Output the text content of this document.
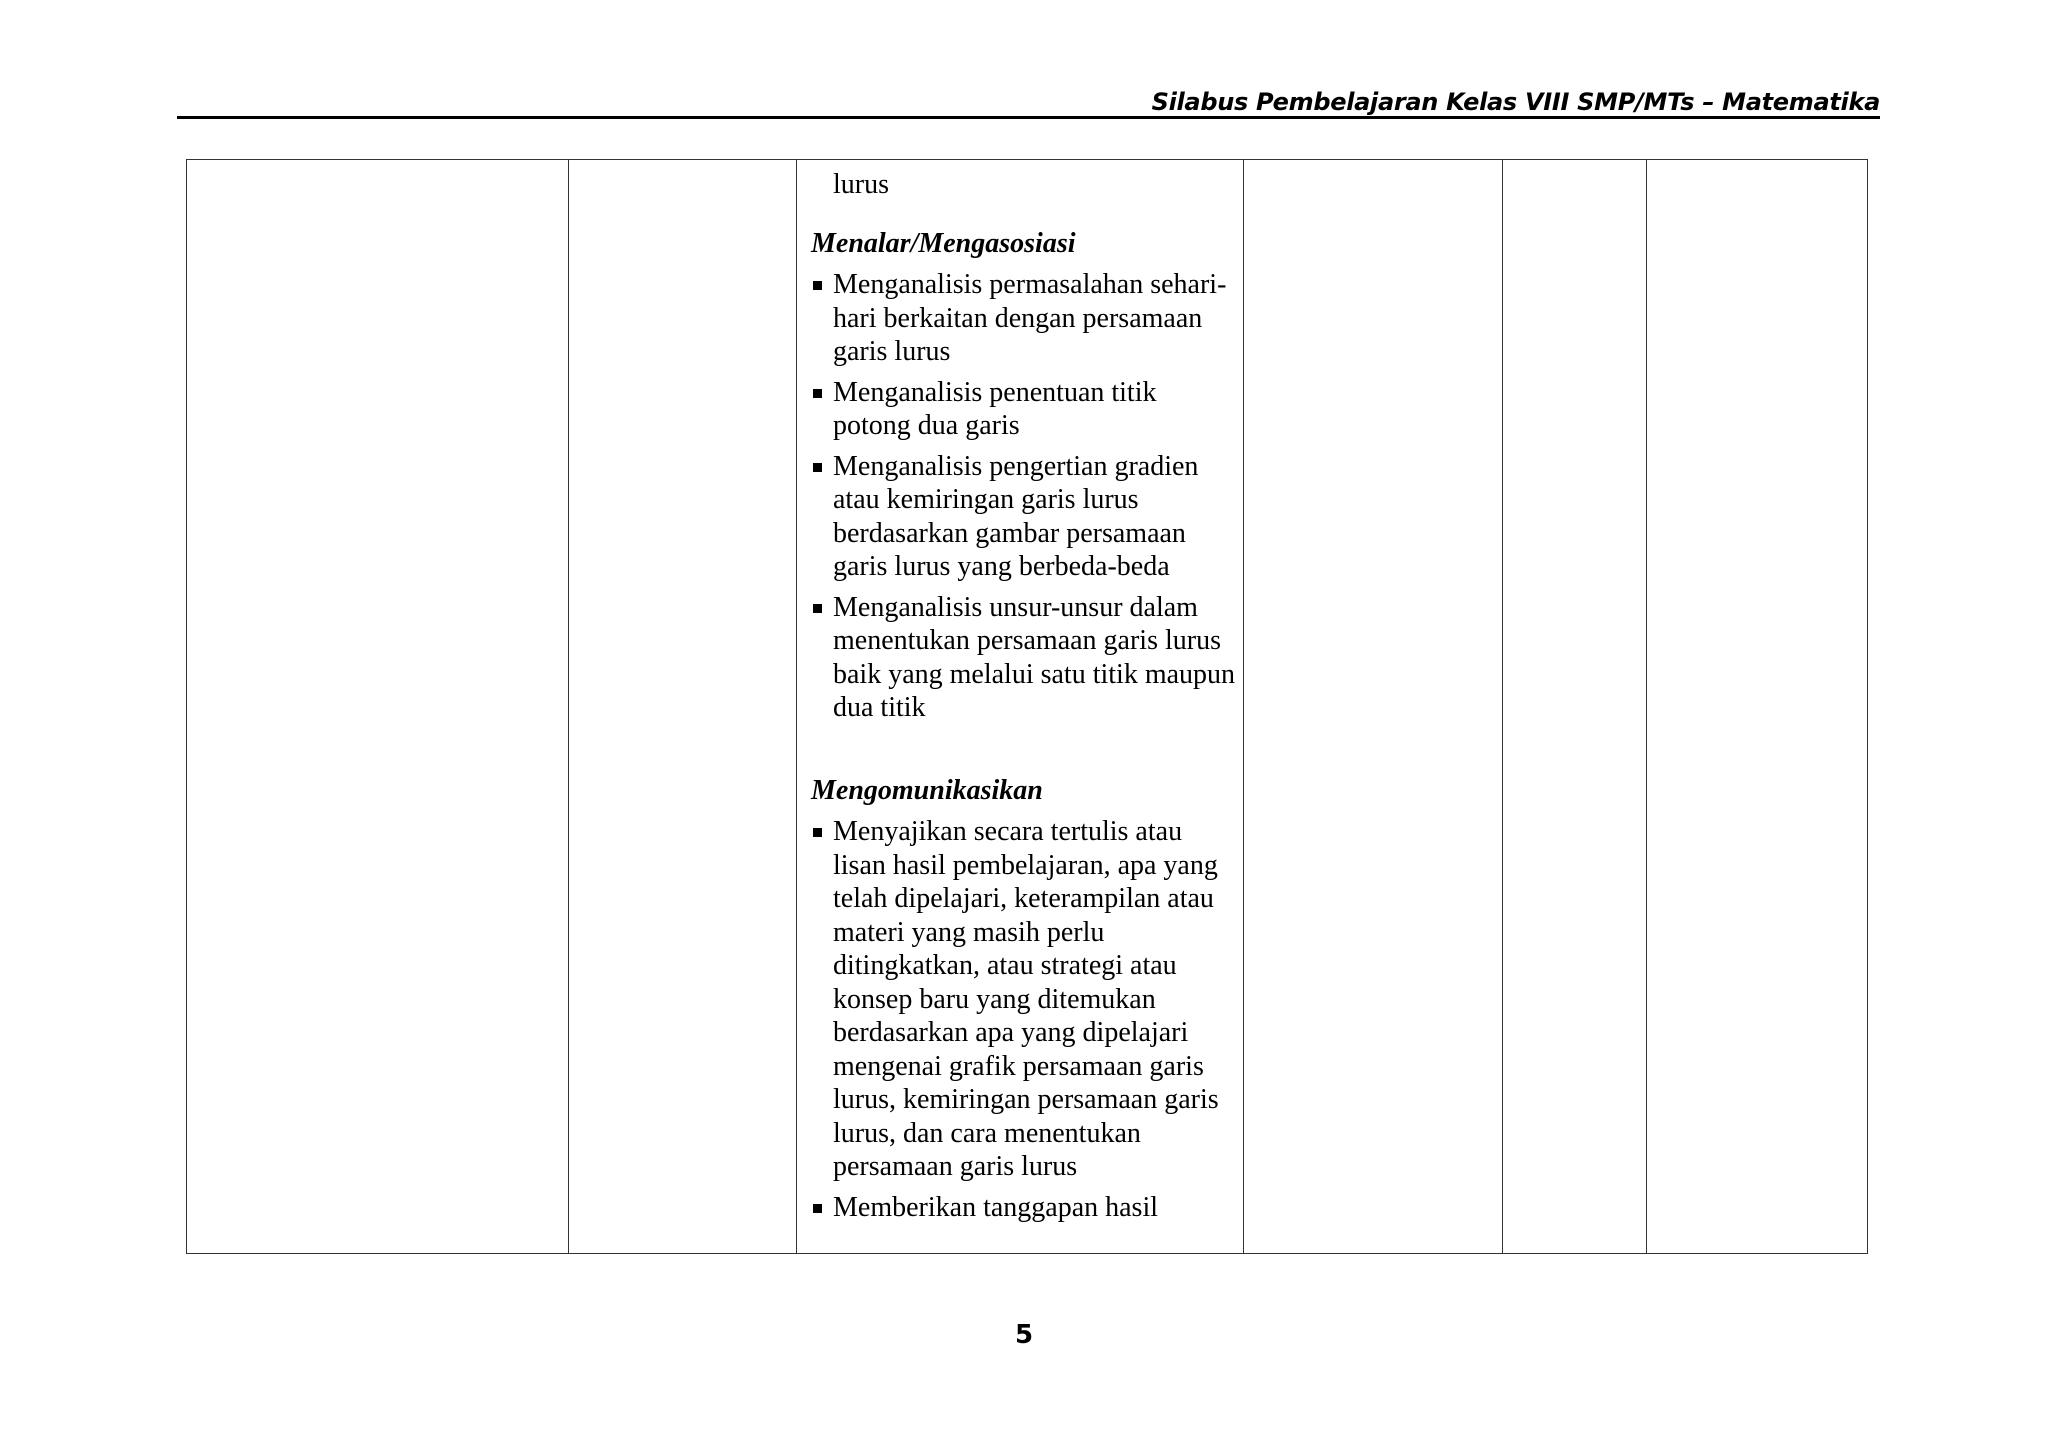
Silabus Pembelajaran Kelas VIII SMP/MTs – Matematika

lurus
Menalar/Mengasosiasi
Menganalisis permasalahan sehari-hari berkaitan dengan persamaan garis lurus
Menganalisis penentuan titik potong dua garis
Menganalisis pengertian gradien atau kemiringan garis lurus berdasarkan gambar persamaan garis lurus yang berbeda-beda
Menganalisis unsur-unsur dalam menentukan persamaan garis lurus baik yang melalui satu titik maupun dua titik
Mengomunikasikan
Menyajikan secara tertulis atau lisan hasil pembelajaran, apa yang telah dipelajari, keterampilan atau materi yang masih perlu ditingkatkan, atau strategi atau konsep baru yang ditemukan berdasarkan apa yang dipelajari mengenai grafik persamaan garis lurus, kemiringan persamaan garis lurus, dan cara menentukan persamaan garis lurus
Memberikan tanggapan hasil

5
